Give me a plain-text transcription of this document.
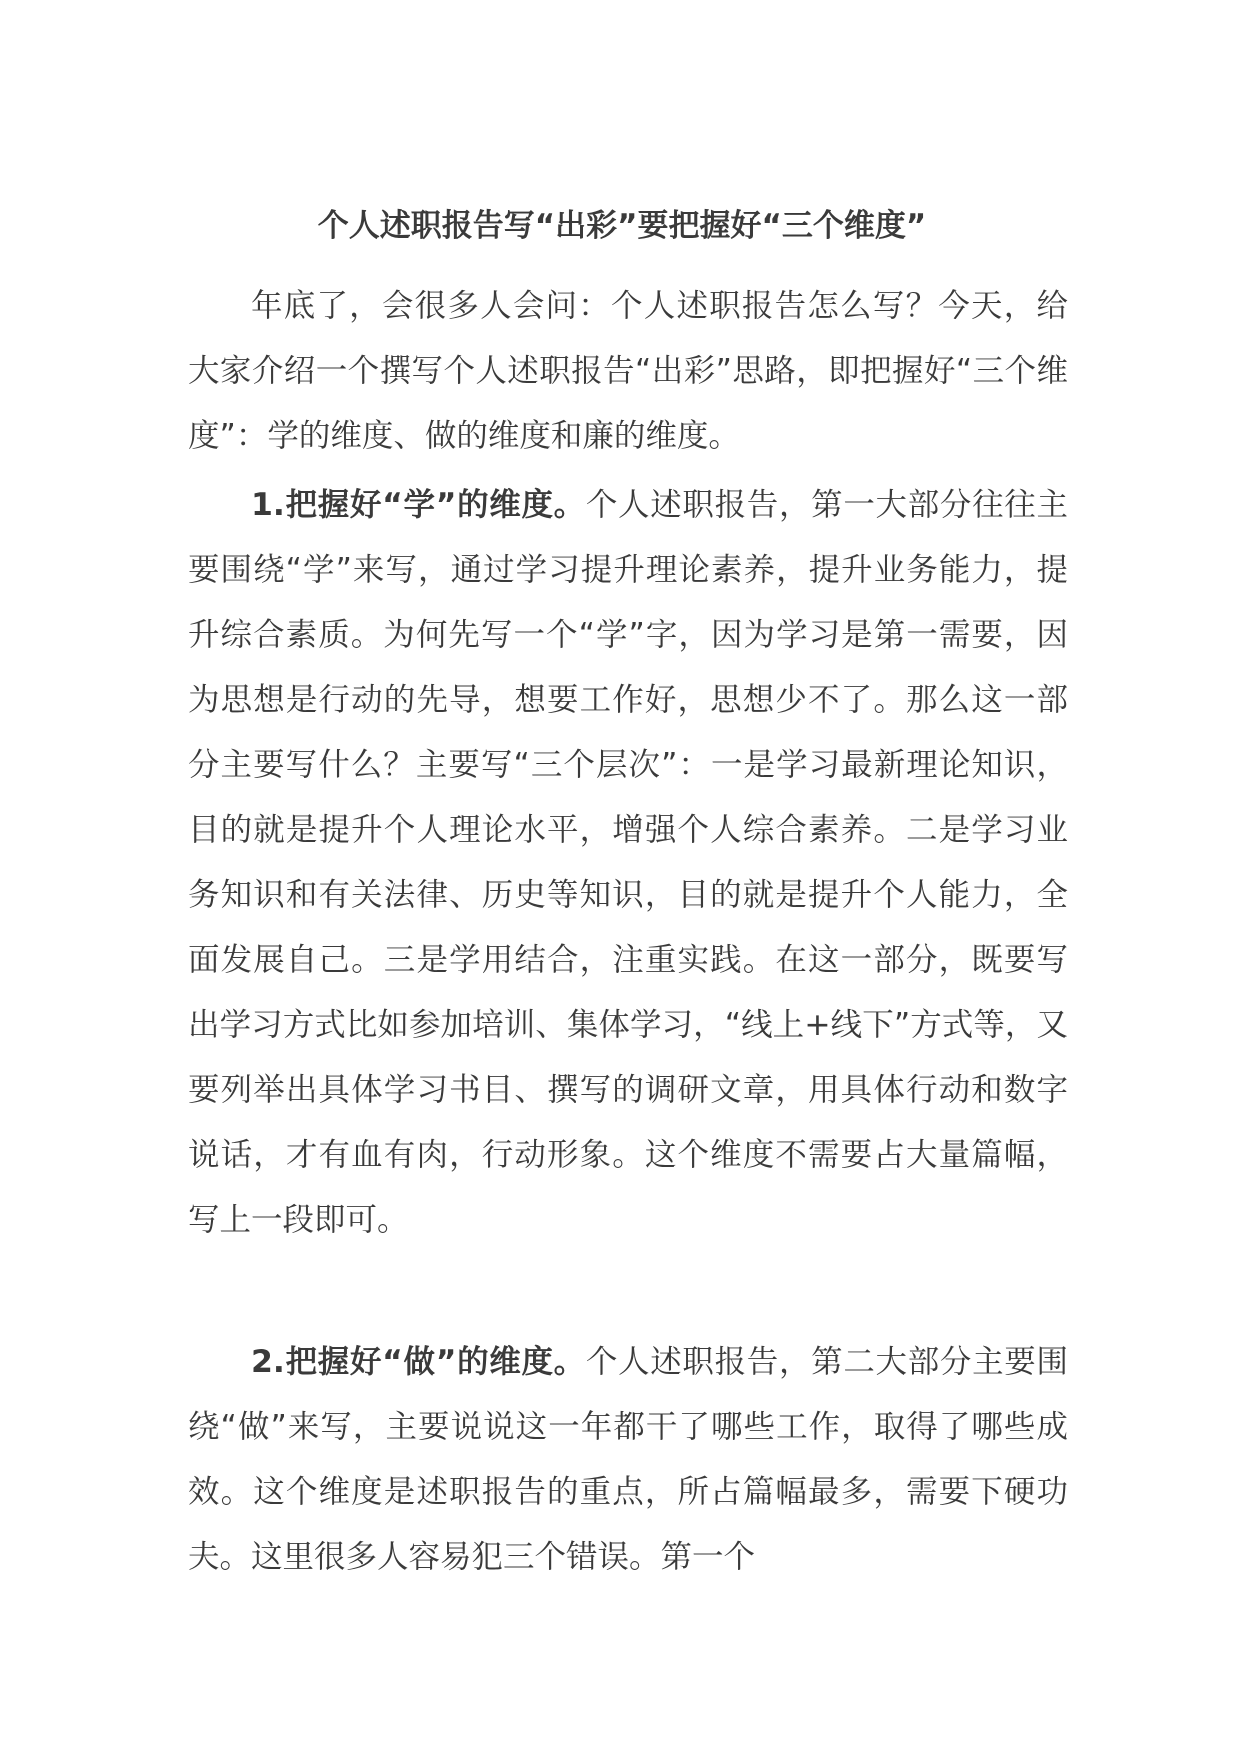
个人述职报告写“出彩”要把握好“三个维度”

年底了，会很多人会问：个人述职报告怎么写？今天，给大家介绍一个撰写个人述职报告“出彩”思路，即把握好“三个维度”：学的维度、做的维度和廉的维度。

1.把握好“学”的维度。个人述职报告，第一大部分往往主要围绕“学”来写，通过学习提升理论素养，提升业务能力，提升综合素质。为何先写一个“学”字，因为学习是第一需要，因为思想是行动的先导，想要工作好，思想少不了。那么这一部分主要写什么？主要写“三个层次”：一是学习最新理论知识，目的就是提升个人理论水平，增强个人综合素养。二是学习业务知识和有关法律、历史等知识，目的就是提升个人能力，全面发展自己。三是学用结合，注重实践。在这一部分，既要写出学习方式比如参加培训、集体学习，“线上+线下”方式等，又要列举出具体学习书目、撰写的调研文章，用具体行动和数字说话，才有血有肉，行动形象。这个维度不需要占大量篇幅，写上一段即可。

2.把握好“做”的维度。个人述职报告，第二大部分主要围绕“做”来写，主要说说这一年都干了哪些工作，取得了哪些成效。这个维度是述职报告的重点，所占篇幅最多，需要下硬功夫。这里很多人容易犯三个错误。第一个
